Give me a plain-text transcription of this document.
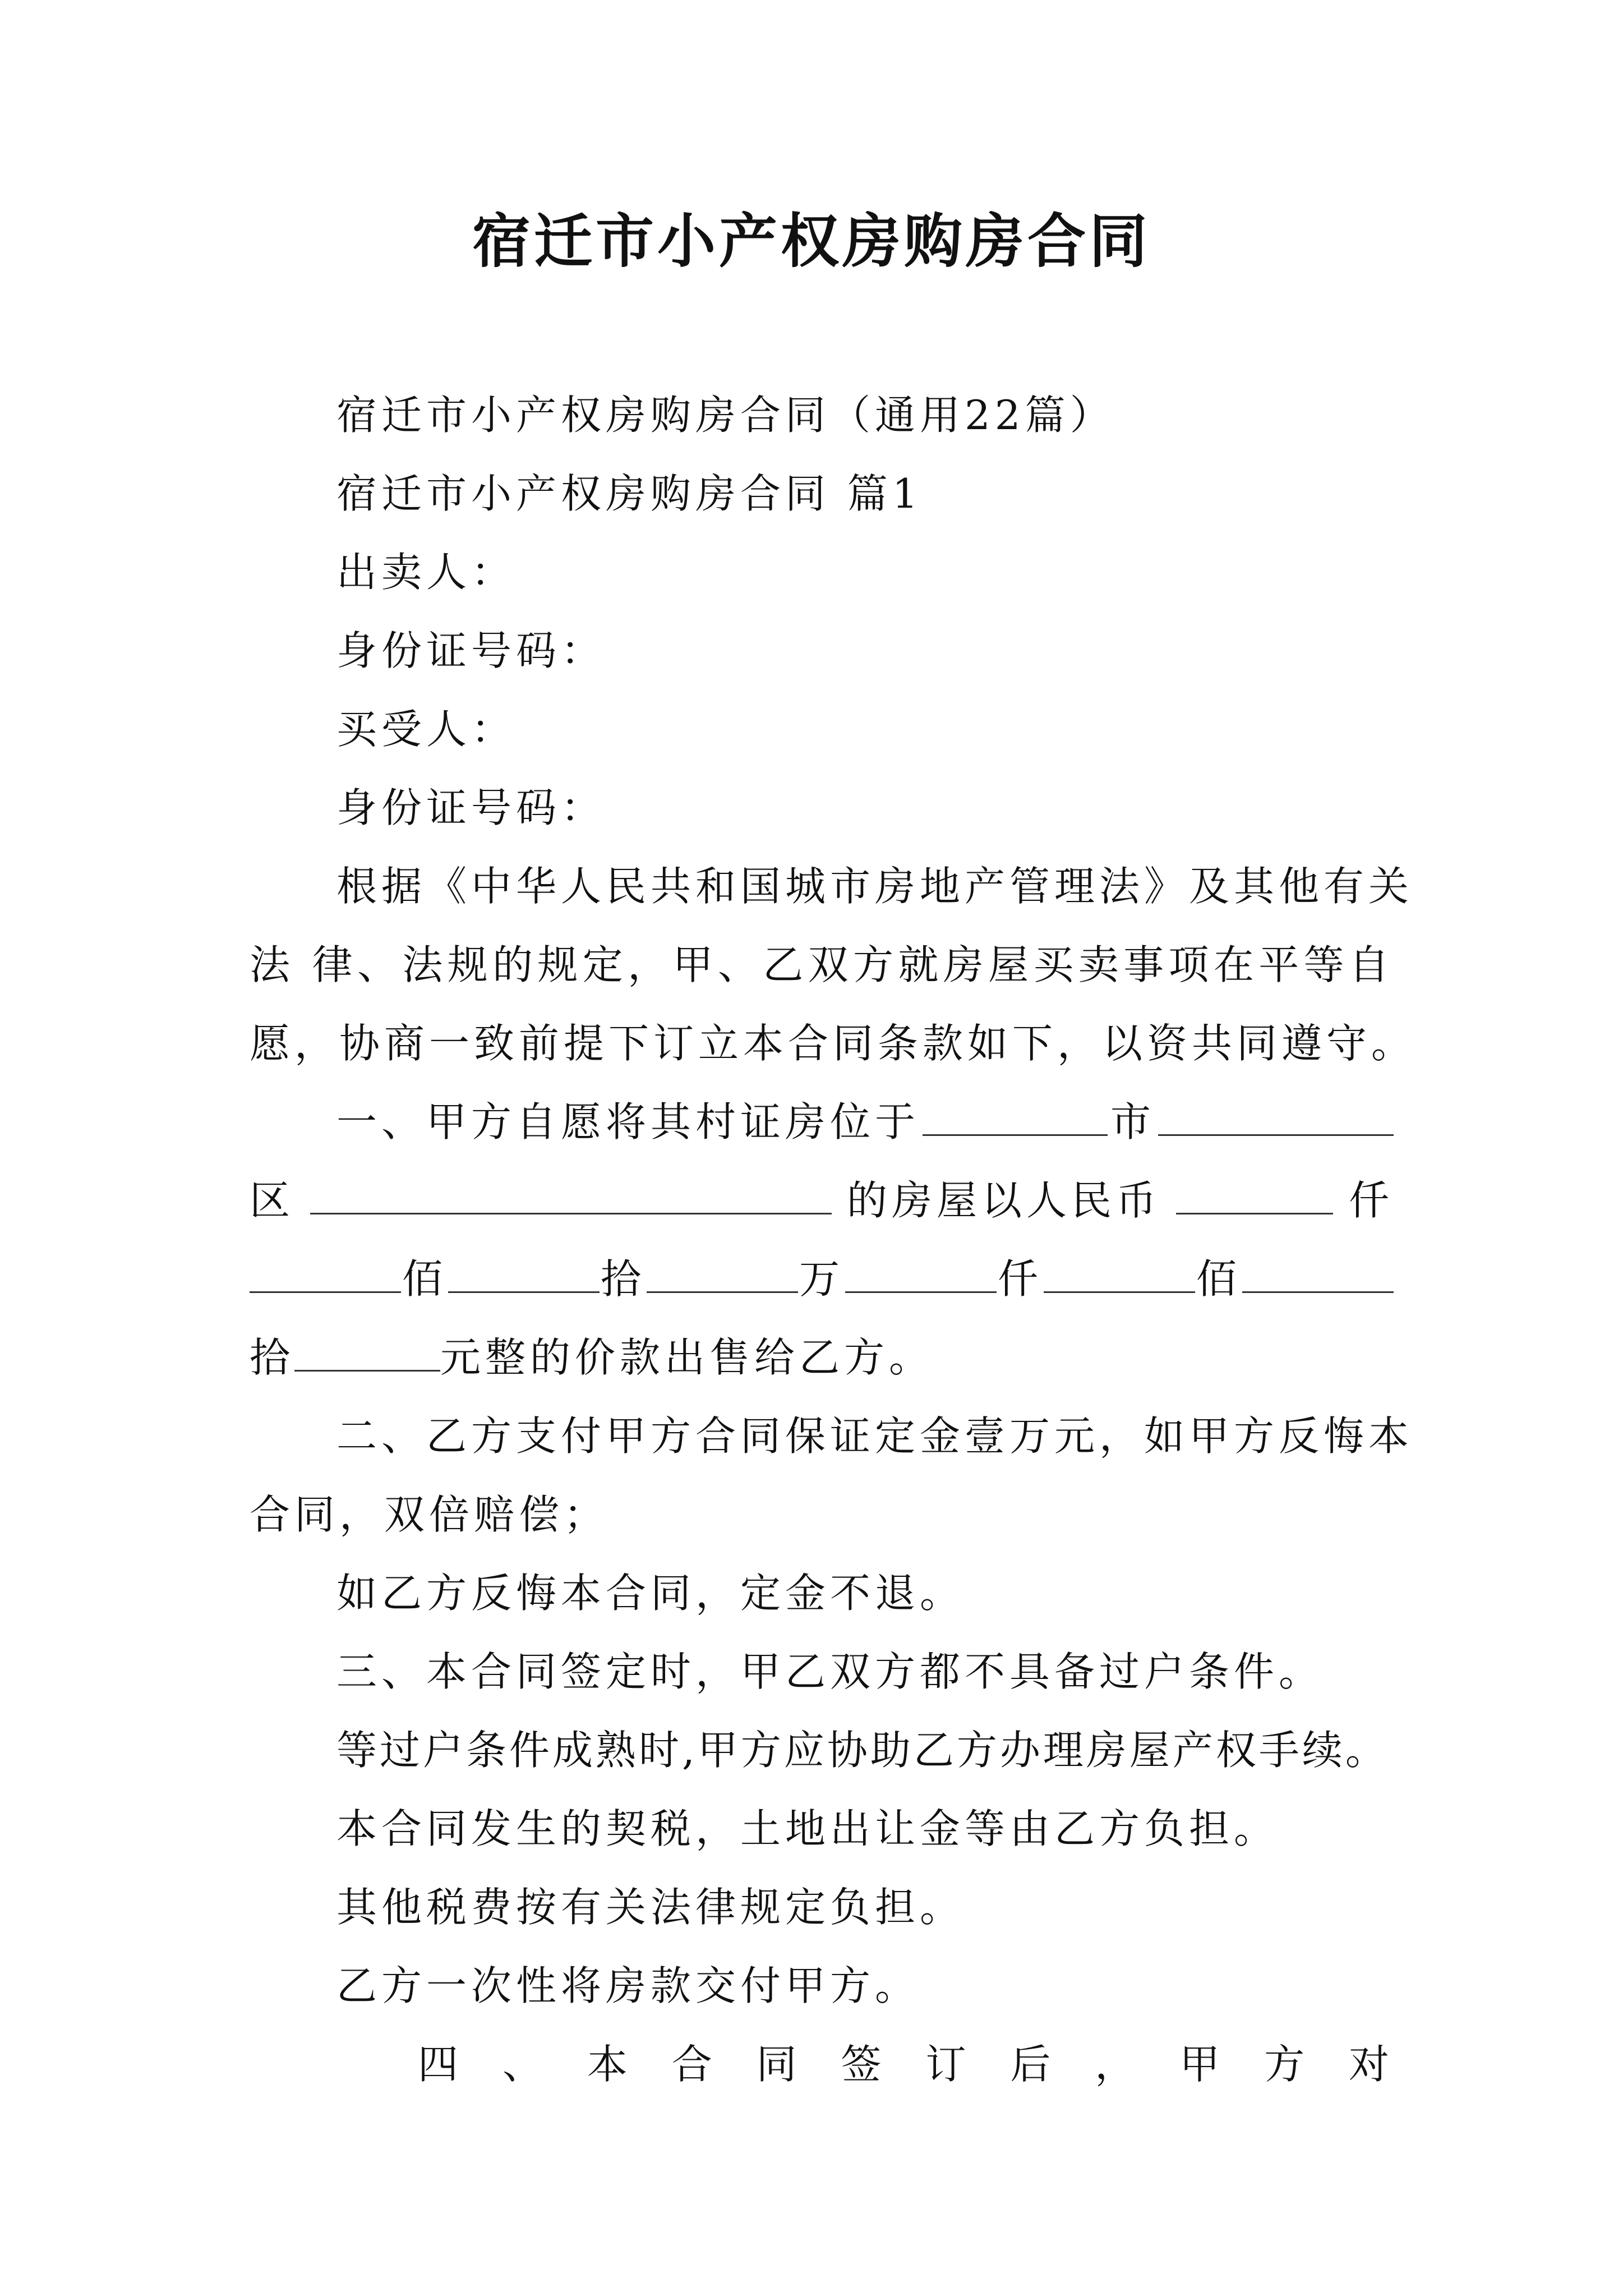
宿迁市小产权房购房合同
宿迁市小产权房购房合同（通用22篇）
宿迁市小产权房购房合同 篇1
出卖人：
身份证号码：
买受人：
身份证号码：
根据《中华人民共和国城市房地产管理法》及其他有关
法 律、法规的规定，甲、乙双方就房屋买卖事项在平等自
愿，协商一致前提下订立本合同条款如下，以资共同遵守。
一、甲方自愿将其村证房位于	市
区	的房屋以人民币	仟
佰	拾	万	仟	佰
拾	元整的价款出售给乙方。
二、乙方支付甲方合同保证定金壹万元，如甲方反悔本
合同，双倍赔偿；
如乙方反悔本合同，定金不退。
三、本合同签定时，甲乙双方都不具备过户条件。
等过户条件成熟时,甲方应协助乙方办理房屋产权手续。
本合同发生的契税，土地出让金等由乙方负担。
其他税费按有关法律规定负担。
乙方一次性将房款交付甲方。
四 、 本 合 同 签 订 后 ， 甲 方 对
